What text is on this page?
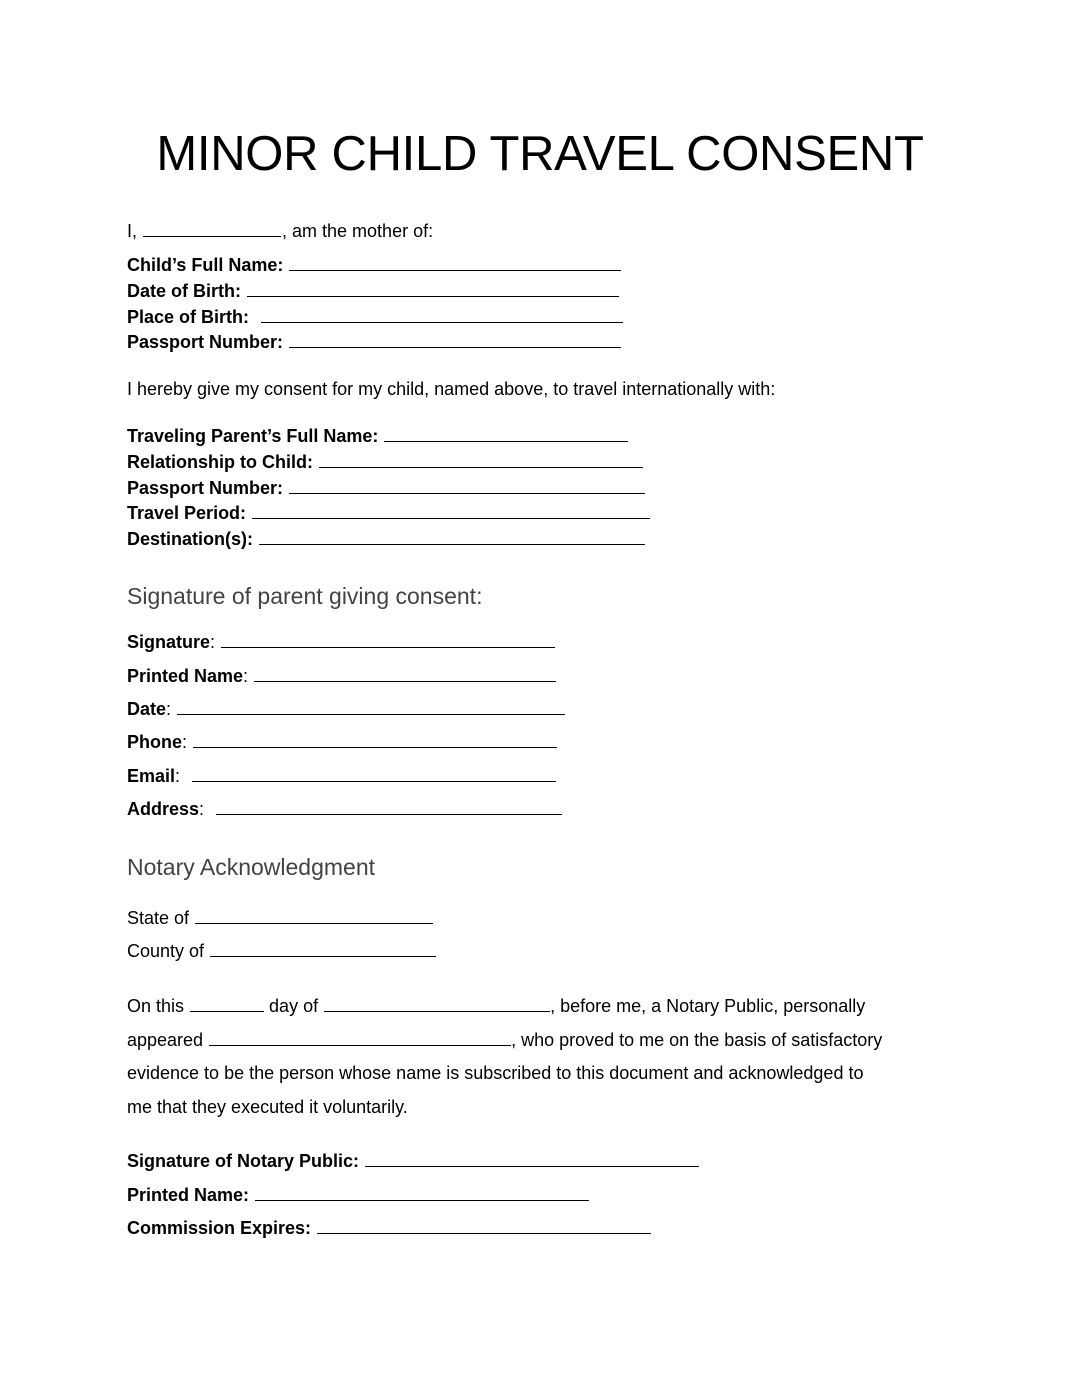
MINOR CHILD TRAVEL CONSENT
I,	, am the mother of:
Child’s Full Name:
Date of Birth:
Place of Birth:
Passport Number:
I hereby give my consent for my child, named above, to travel internationally with:
Traveling Parent’s Full Name:
Relationship to Child:
Passport Number:
Travel Period:
Destination(s):
Signature of parent giving consent:
Signature:
Printed Name:
Date:
Phone:
Email:
Address:
Notary Acknowledgment
State of
County of
On this	day of	, before me, a Notary Public, personally
appeared	, who proved to me on the basis of satisfactory
evidence to be the person whose name is subscribed to this document and acknowledged to
me that they executed it voluntarily.
Signature of Notary Public:
Printed Name:
Commission Expires:
